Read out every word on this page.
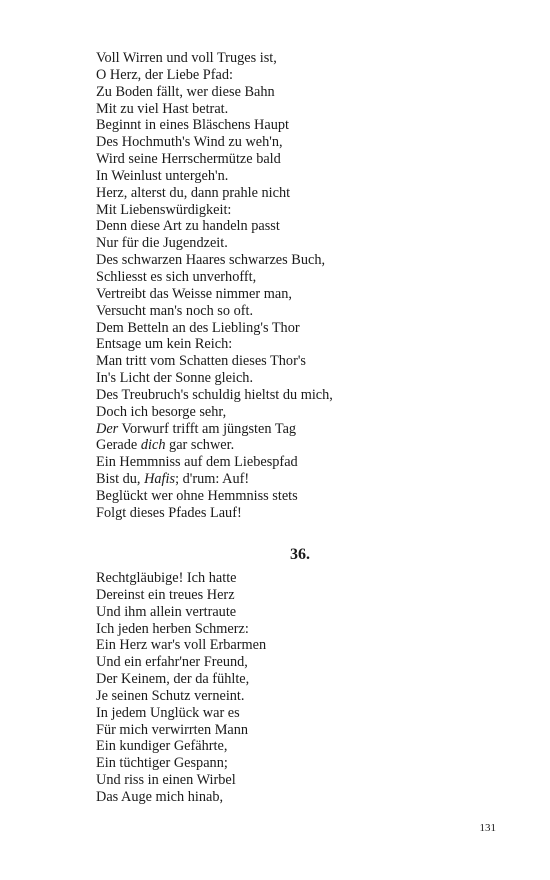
Voll Wirren und voll Truges ist,
O Herz, der Liebe Pfad:
Zu Boden fällt, wer diese Bahn
Mit zu viel Hast betrat.
Beginnt in eines Bläschens Haupt
Des Hochmuth's Wind zu weh'n,
Wird seine Herrschermütze bald
In Weinlust untergeh'n.
Herz, alterst du, dann prahle nicht
Mit Liebenswürdigkeit:
Denn diese Art zu handeln passt
Nur für die Jugendzeit.
Des schwarzen Haares schwarzes Buch,
Schliesst es sich unverhofft,
Vertreibt das Weisse nimmer man,
Versucht man's noch so oft.
Dem Betteln an des Liebling's Thor
Entsage um kein Reich:
Man tritt vom Schatten dieses Thor's
In's Licht der Sonne gleich.
Des Treubruch's schuldig hieltst du mich,
Doch ich besorge sehr,
Der Vorwurf trifft am jüngsten Tag
Gerade dich gar schwer.
Ein Hemmniss auf dem Liebespfad
Bist du, Hafis; d'rum: Auf!
Beglückt wer ohne Hemmniss stets
Folgt dieses Pfades Lauf!
36.
Rechtgläubige! Ich hatte
Dereinst ein treues Herz
Und ihm allein vertraute
Ich jeden herben Schmerz:
Ein Herz war's voll Erbarmen
Und ein erfahr'ner Freund,
Der Keinem, der da fühlte,
Je seinen Schutz verneint.
In jedem Unglück war es
Für mich verwirrten Mann
Ein kundiger Gefährte,
Ein tüchtiger Gespann;
Und riss in einen Wirbel
Das Auge mich hinab,
131
